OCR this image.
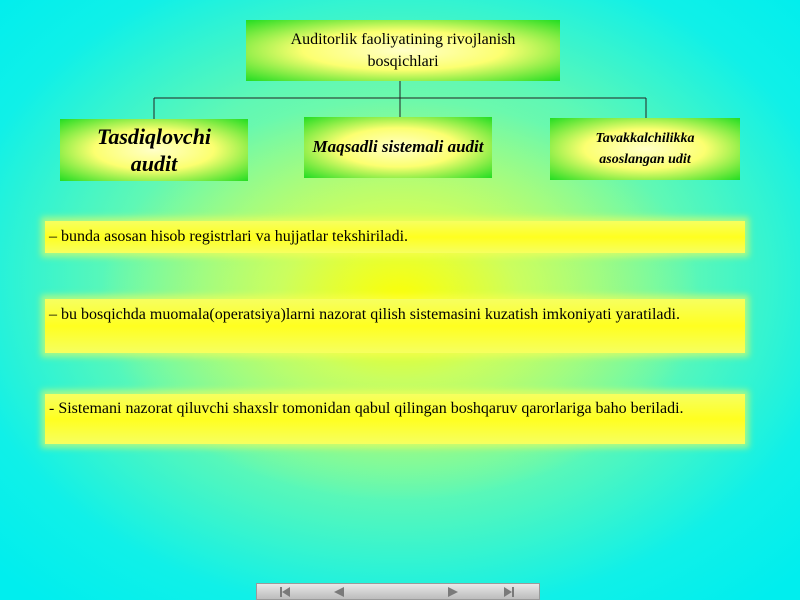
Auditorlik faoliyatining rivojlanish bosqichlari
Tasdiqlovchi audit
Maqsadli sistemali audit	Tavakkalchilikka asoslangan udit

– bunda asosan hisob registrlari va hujjatlar tekshiriladi.

– bu bosqichda muomala(operatsiya)larni nazorat qilish sistemasini kuzatish imkoniyati yaratiladi.

- Sistemani nazorat qiluvchi shaxslr tomonidan qabul qilingan boshqaruv qarorlariga baho beriladi.
